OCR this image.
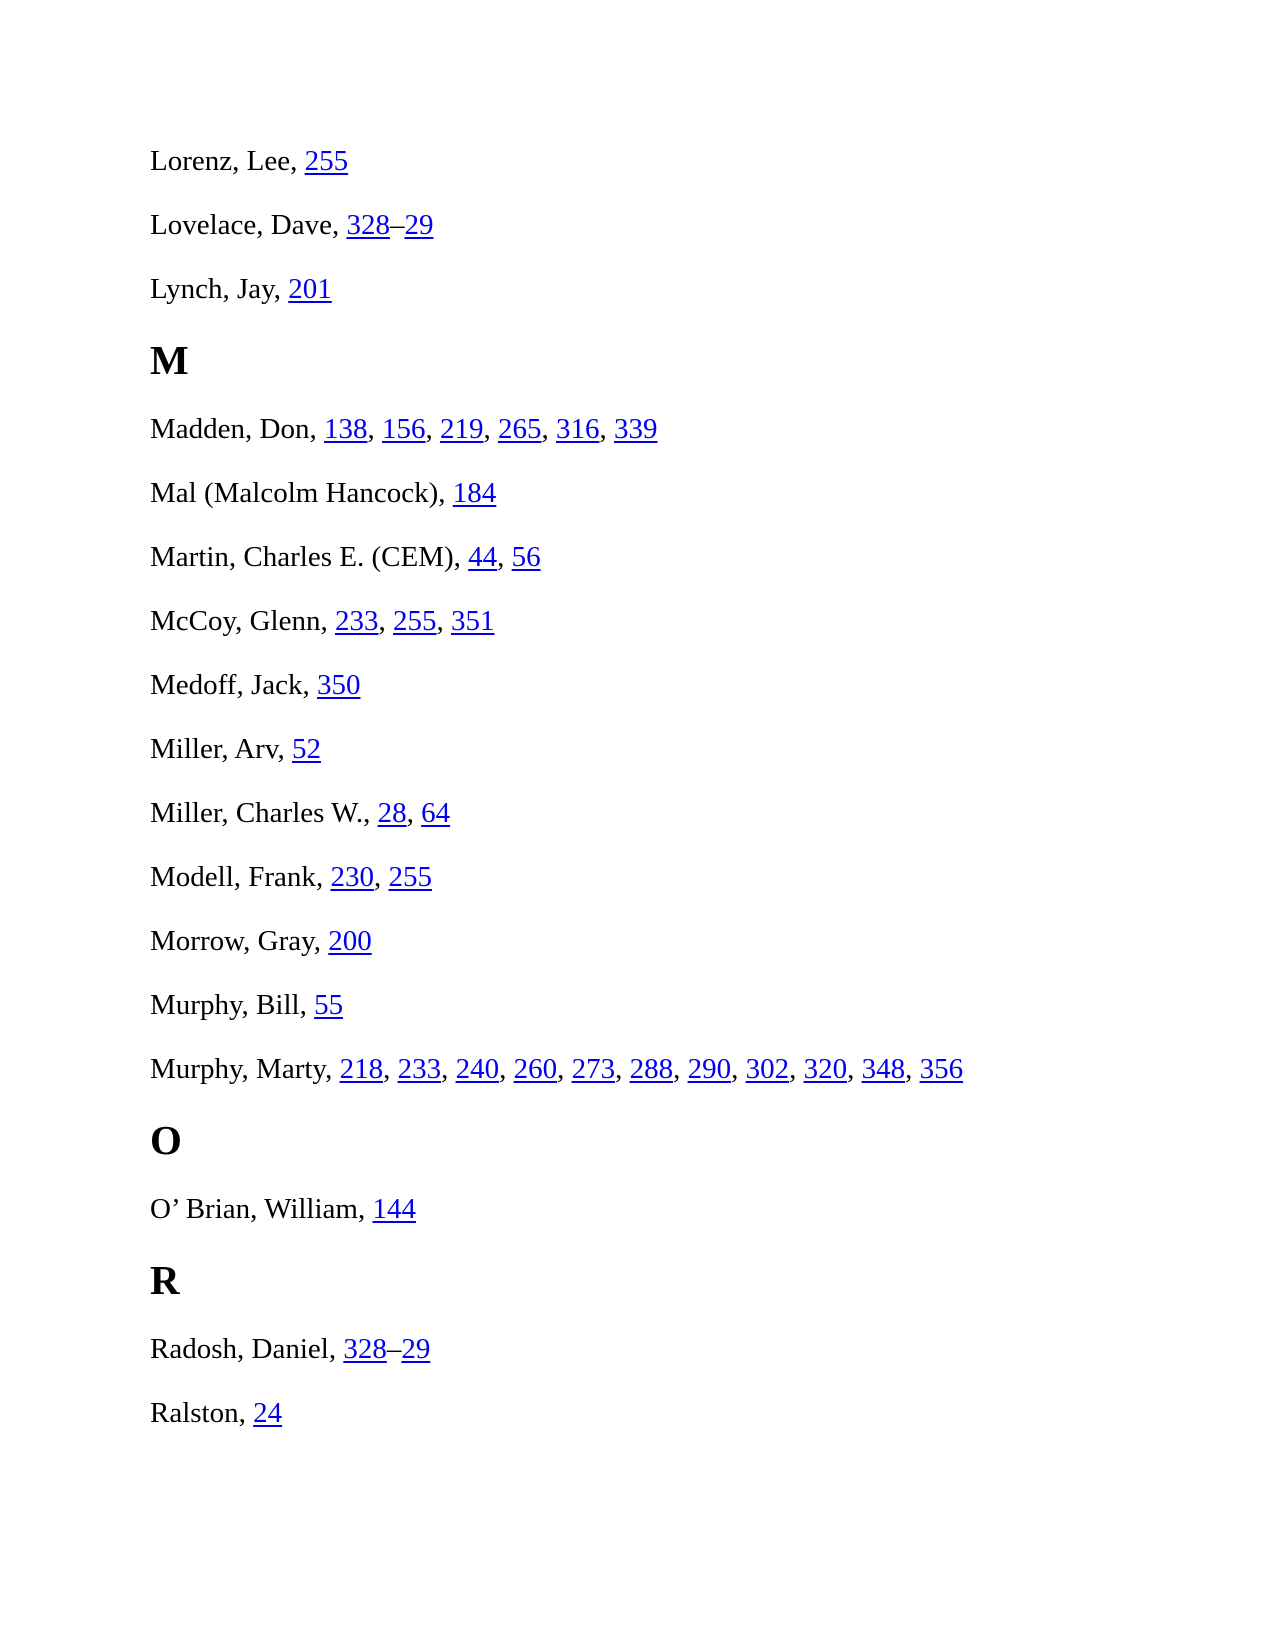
Lorenz, Lee, 255
Lovelace, Dave, 328–29
Lynch, Jay, 201
M
Madden, Don, 138, 156, 219, 265, 316, 339
Mal (Malcolm Hancock), 184
Martin, Charles E. (CEM), 44, 56
McCoy, Glenn, 233, 255, 351
Medoff, Jack, 350
Miller, Arv, 52
Miller, Charles W., 28, 64
Modell, Frank, 230, 255
Morrow, Gray, 200
Murphy, Bill, 55
Murphy, Marty, 218, 233, 240, 260, 273, 288, 290, 302, 320, 348, 356
O
O’ Brian, William, 144
R
Radosh, Daniel, 328–29
Ralston, 24
